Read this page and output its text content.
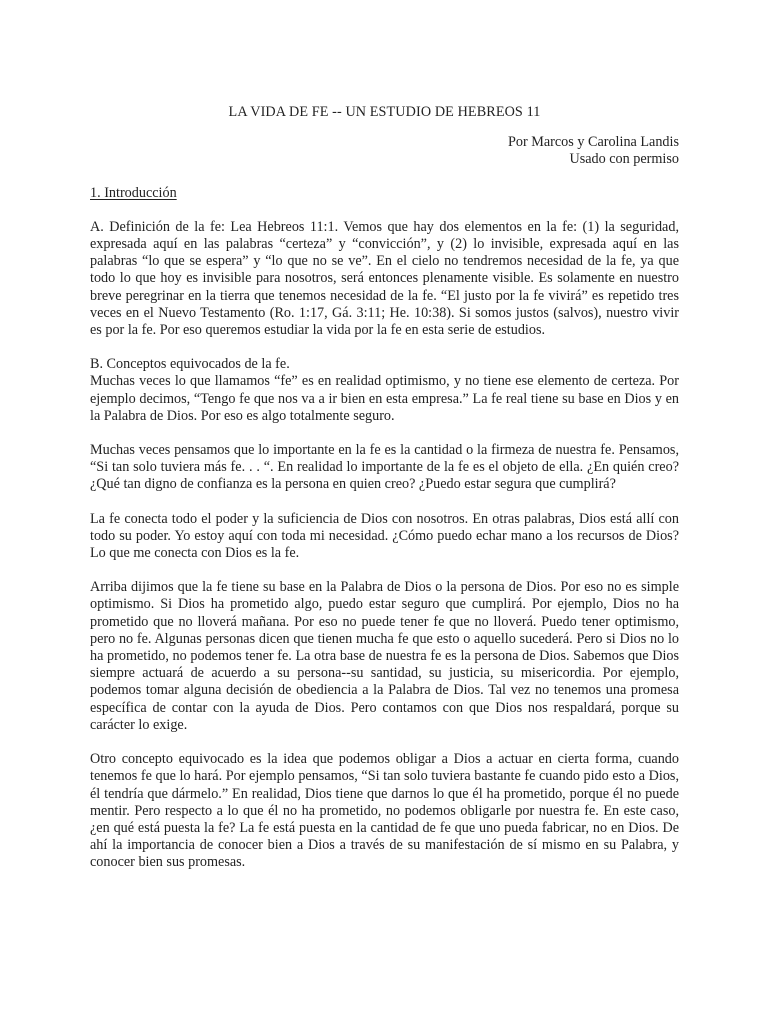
LA VIDA DE FE -- UN ESTUDIO DE HEBREOS 11
Por Marcos y Carolina Landis
Usado con permiso
1. Introducción

A. Definición de la fe: Lea Hebreos 11:1. Vemos que hay dos elementos en la fe: (1) la seguridad, expresada aquí en las palabras “certeza” y “convicción”, y (2) lo invisible, expresada aquí en las palabras “lo que se espera” y “lo que no se ve”. En el cielo no tendremos necesidad de la fe, ya que todo lo que hoy es invisible para nosotros, será entonces plenamente visible. Es solamente en nuestro breve peregrinar en la tierra que tenemos necesidad de la fe. “El justo por la fe vivirá” es repetido tres veces en el Nuevo Testamento (Ro. 1:17, Gá. 3:11; He. 10:38). Si somos justos (salvos), nuestro vivir es por la fe. Por eso queremos estudiar la vida por la fe en esta serie de estudios.

B. Conceptos equivocados de la fe.

Muchas veces lo que llamamos “fe” es en realidad optimismo, y no tiene ese elemento de certeza. Por ejemplo decimos, “Tengo fe que nos va a ir bien en esta empresa.” La fe real tiene su base en Dios y en la Palabra de Dios. Por eso es algo totalmente seguro.

Muchas veces pensamos que lo importante en la fe es la cantidad o la firmeza de nuestra fe. Pensamos, “Si tan solo tuviera más fe. . . “. En realidad lo importante de la fe es el objeto de ella. ¿En quién creo? ¿Qué tan digno de confianza es la persona en quien creo? ¿Puedo estar segura que cumplirá?

La fe conecta todo el poder y la suficiencia de Dios con nosotros. En otras palabras, Dios está allí con todo su poder. Yo estoy aquí con toda mi necesidad. ¿Cómo puedo echar mano a los recursos de Dios? Lo que me conecta con Dios es la fe.

Arriba dijimos que la fe tiene su base en la Palabra de Dios o la persona de Dios. Por eso no es simple optimismo. Si Dios ha prometido algo, puedo estar seguro que cumplirá. Por ejemplo, Dios no ha prometido que no lloverá mañana. Por eso no puede tener fe que no lloverá. Puedo tener optimismo, pero no fe. Algunas personas dicen que tienen mucha fe que esto o aquello sucederá. Pero si Dios no lo ha prometido, no podemos tener fe. La otra base de nuestra fe es la persona de Dios. Sabemos que Dios siempre actuará de acuerdo a su persona--su santidad, su justicia, su misericordia. Por ejemplo, podemos tomar alguna decisión de obediencia a la Palabra de Dios. Tal vez no tenemos una promesa específica de contar con la ayuda de Dios. Pero contamos con que Dios nos respaldará, porque su carácter lo exige.

Otro concepto equivocado es la idea que podemos obligar a Dios a actuar en cierta forma, cuando tenemos fe que lo hará. Por ejemplo pensamos, “Si tan solo tuviera bastante fe cuando pido esto a Dios, él tendría que dármelo.” En realidad, Dios tiene que darnos lo que él ha prometido, porque él no puede mentir. Pero respecto a lo que él no ha prometido, no podemos obligarle por nuestra fe. En este caso, ¿en qué está puesta la fe? La fe está puesta en la cantidad de fe que uno pueda fabricar, no en Dios. De ahí la importancia de conocer bien a Dios a través de su manifestación de sí mismo en su Palabra, y conocer bien sus promesas.
